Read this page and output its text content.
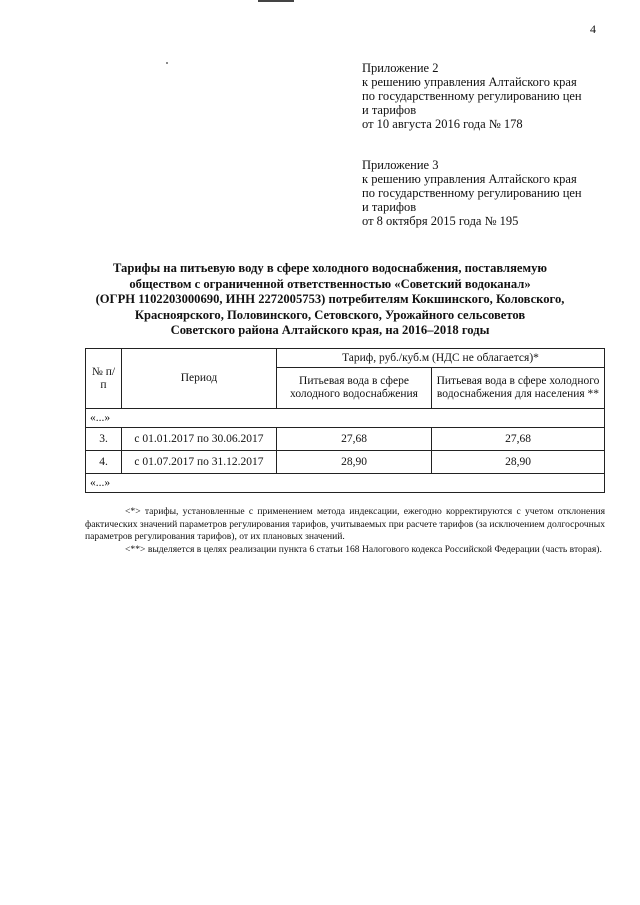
4
Приложение 2
к решению управления Алтайского края
по государственному регулированию цен
и тарифов
от 10 августа 2016 года № 178
Приложение 3
к решению управления Алтайского края
по государственному регулированию цен
и тарифов
от 8 октября 2015 года № 195
Тарифы на питьевую воду в сфере холодного водоснабжения, поставляемую
обществом с ограниченной ответственностью «Советский водоканал»
(ОГРН 1102203000690, ИНН 2272005753) потребителям Кокшинского, Коловского,
Красноярского, Половинского, Сетовского, Урожайного сельсоветов
Советского района Алтайского края, на 2016–2018 годы
№ п/п	Период	Тариф, руб./куб.м (НДС не облагается)*	
		Питьевая вода в сфере холодного водоснабжения	Питьевая вода в сфере холодного водоснабжения для населения **
«...»			
3.	с 01.01.2017 по 30.06.2017	27,68	27,68
4.	с 01.07.2017 по 31.12.2017	28,90	28,90
«...»			

<*> тарифы, установленные с применением метода индексации, ежегодно корректируются с учетом отклонения фактических значений параметров регулирования тарифов, учитываемых при расчете тарифов (за исключением долгосрочных параметров регулирования тарифов), от их плановых значений.

<**> выделяется в целях реализации пункта 6 статьи 168 Налогового кодекса Российской Федерации (часть вторая).
